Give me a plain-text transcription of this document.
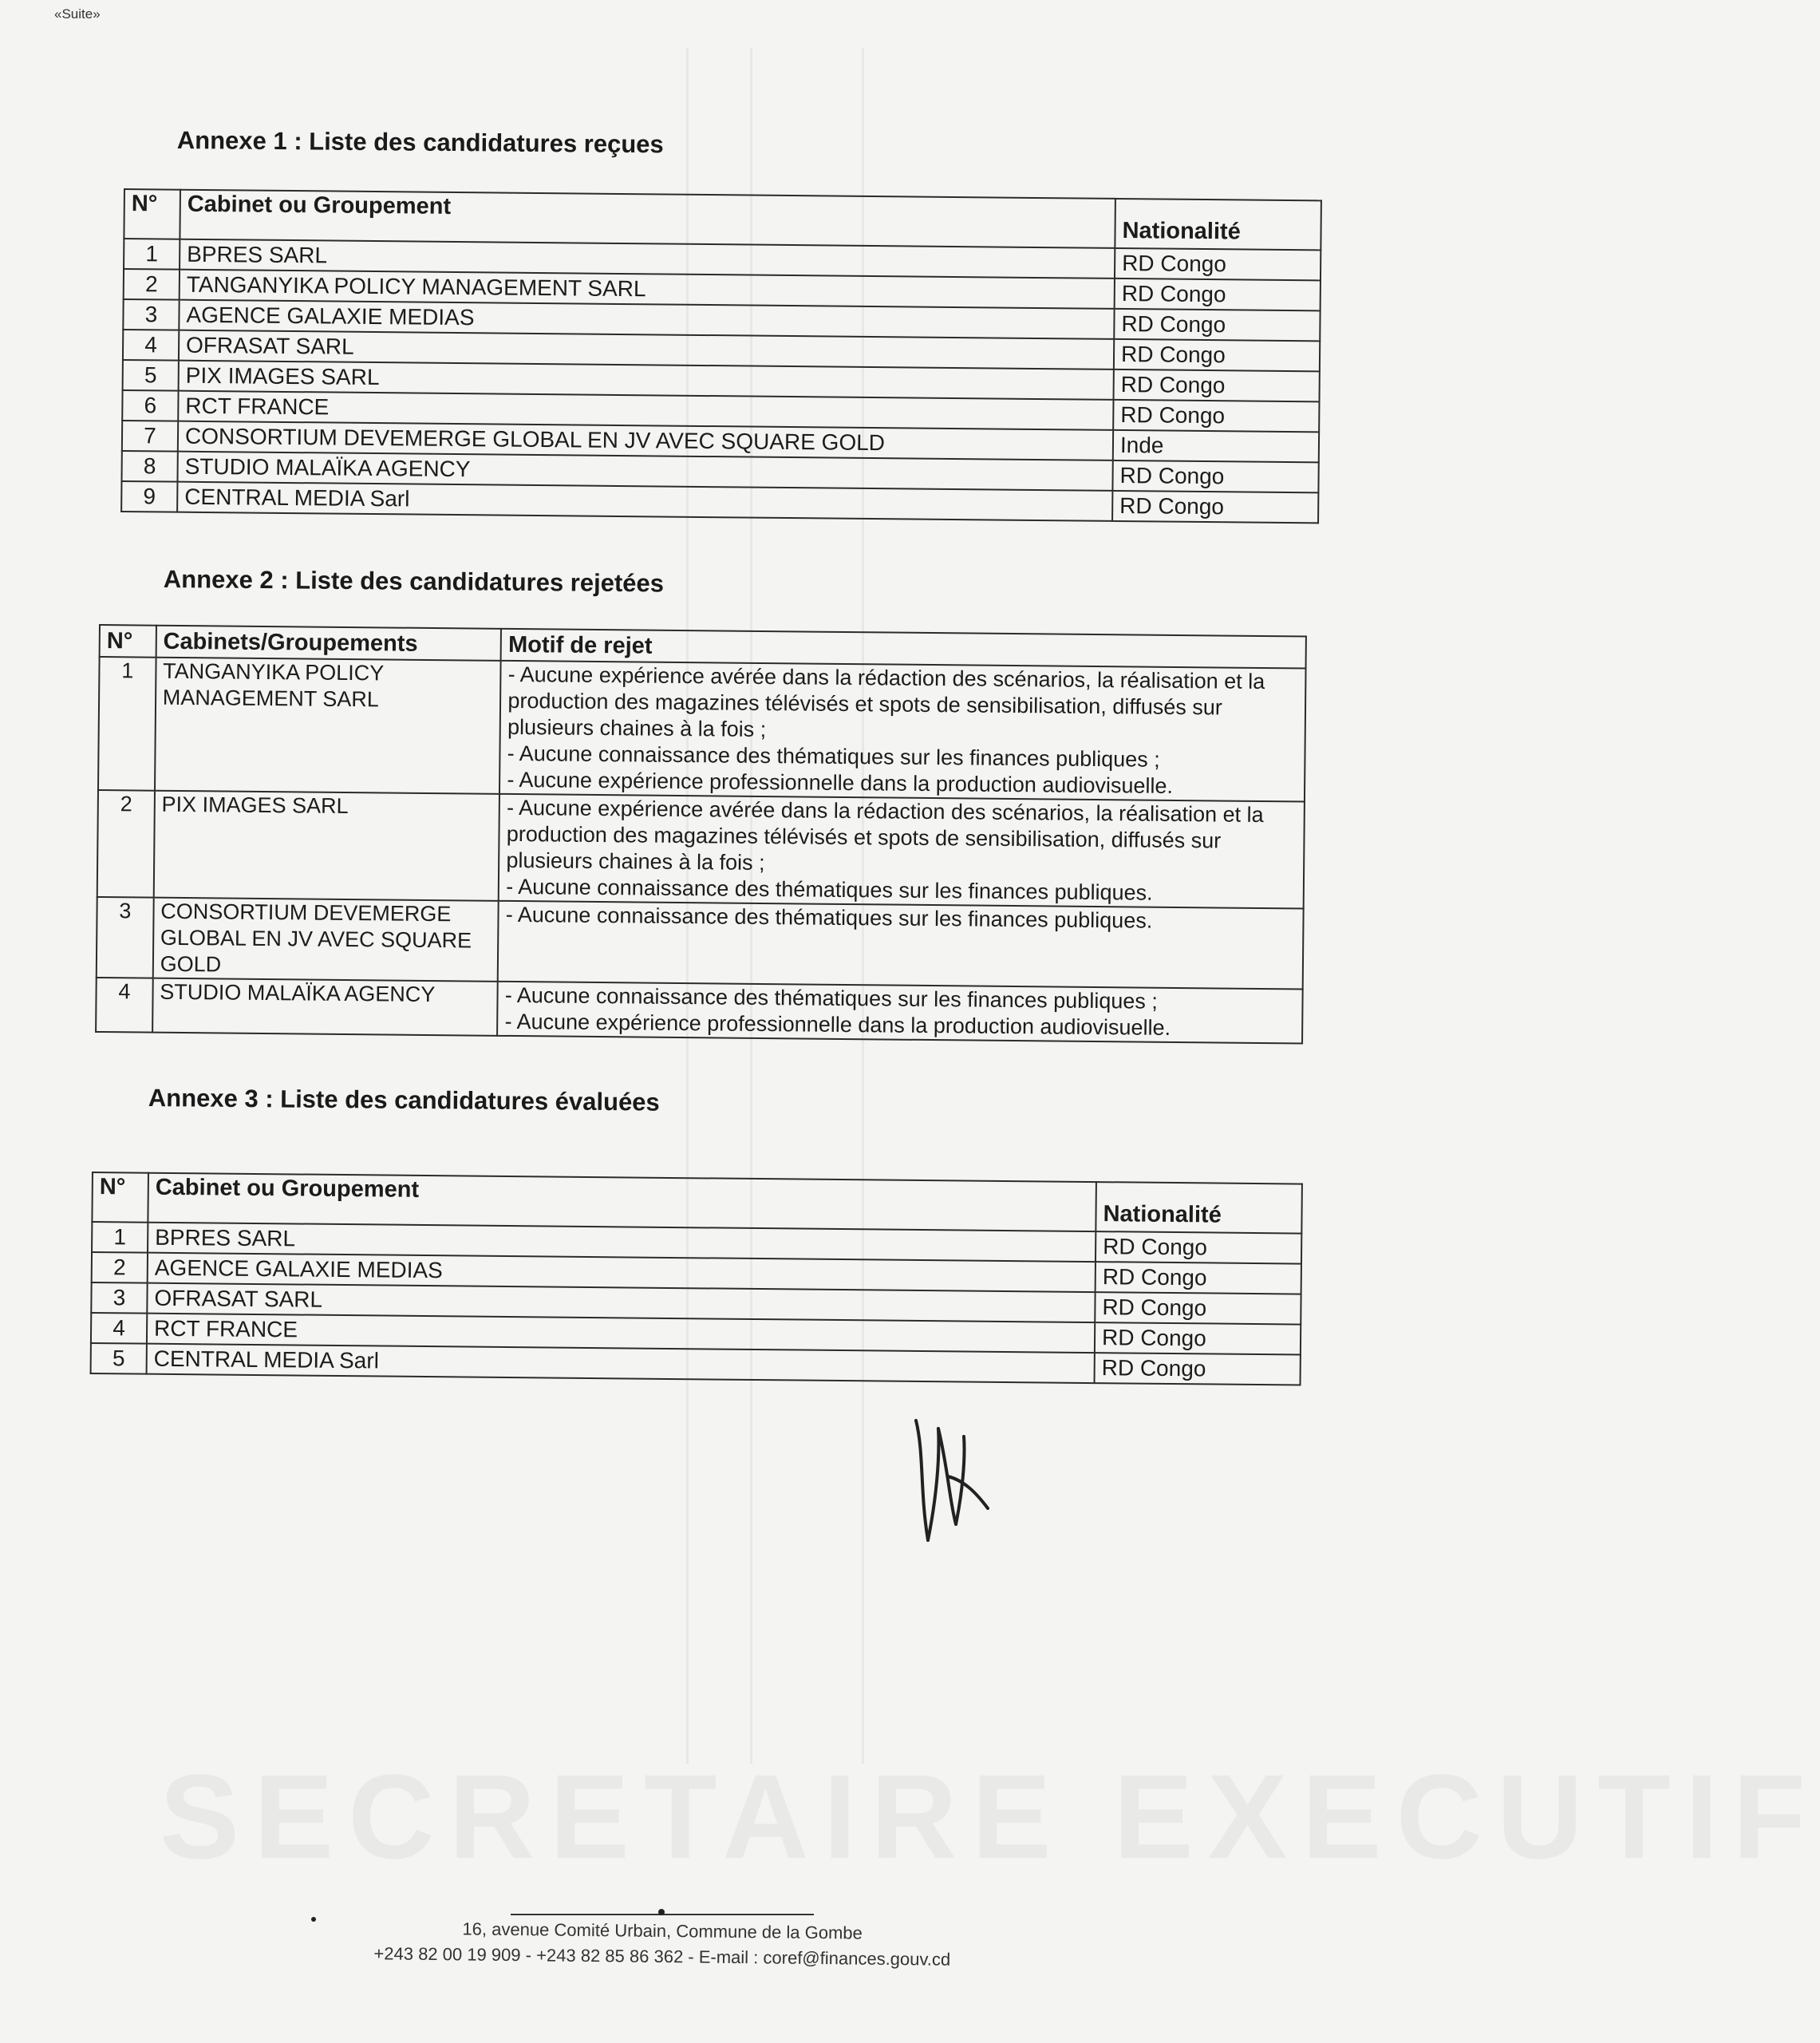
«Suite»
Annexe 1 : Liste des candidatures reçues
N°	Cabinet ou Groupement	Nationalité
1	BPRES SARL	RD Congo
2	TANGANYIKA POLICY MANAGEMENT SARL	RD Congo
3	AGENCE GALAXIE MEDIAS	RD Congo
4	OFRASAT SARL	RD Congo
5	PIX IMAGES SARL	RD Congo
6	RCT FRANCE	RD Congo
7	CONSORTIUM DEVEMERGE GLOBAL EN JV AVEC SQUARE GOLD	Inde
8	STUDIO MALAÏKA AGENCY	RD Congo
9	CENTRAL MEDIA Sarl	RD Congo
Annexe 2 : Liste des candidatures rejetées
N°	Cabinets/Groupements	Motif de rejet
1	TANGANYIKA POLICY MANAGEMENT SARL	- Aucune expérience avérée dans la rédaction des scénarios, la réalisation et la production des magazines télévisés et spots de sensibilisation, diffusés sur plusieurs chaines à la fois ;
- Aucune connaissance des thématiques sur les finances publiques ;
- Aucune expérience professionnelle dans la production audiovisuelle.

2	PIX IMAGES SARL	- Aucune expérience avérée dans la rédaction des scénarios, la réalisation et la production des magazines télévisés et spots de sensibilisation, diffusés sur plusieurs chaines à la fois ;
- Aucune connaissance des thématiques sur les finances publiques.

3	CONSORTIUM DEVEMERGE GLOBAL EN JV AVEC SQUARE GOLD	- Aucune connaissance des thématiques sur les finances publiques.

4	STUDIO MALAÏKA AGENCY	- Aucune connaissance des thématiques sur les finances publiques ;
- Aucune expérience professionnelle dans la production audiovisuelle.
Annexe 3 : Liste des candidatures évaluées
N°	Cabinet ou Groupement	Nationalité
1	BPRES SARL	RD Congo
2	AGENCE GALAXIE MEDIAS	RD Congo
3	OFRASAT SARL	RD Congo
4	RCT FRANCE	RD Congo
5	CENTRAL MEDIA Sarl	RD Congo
SECRETAIRE EXECUTIF
16, avenue Comité Urbain, Commune de la Gombe
+243 82 00 19 909 - +243 82 85 86 362 - E-mail : coref@finances.gouv.cd
